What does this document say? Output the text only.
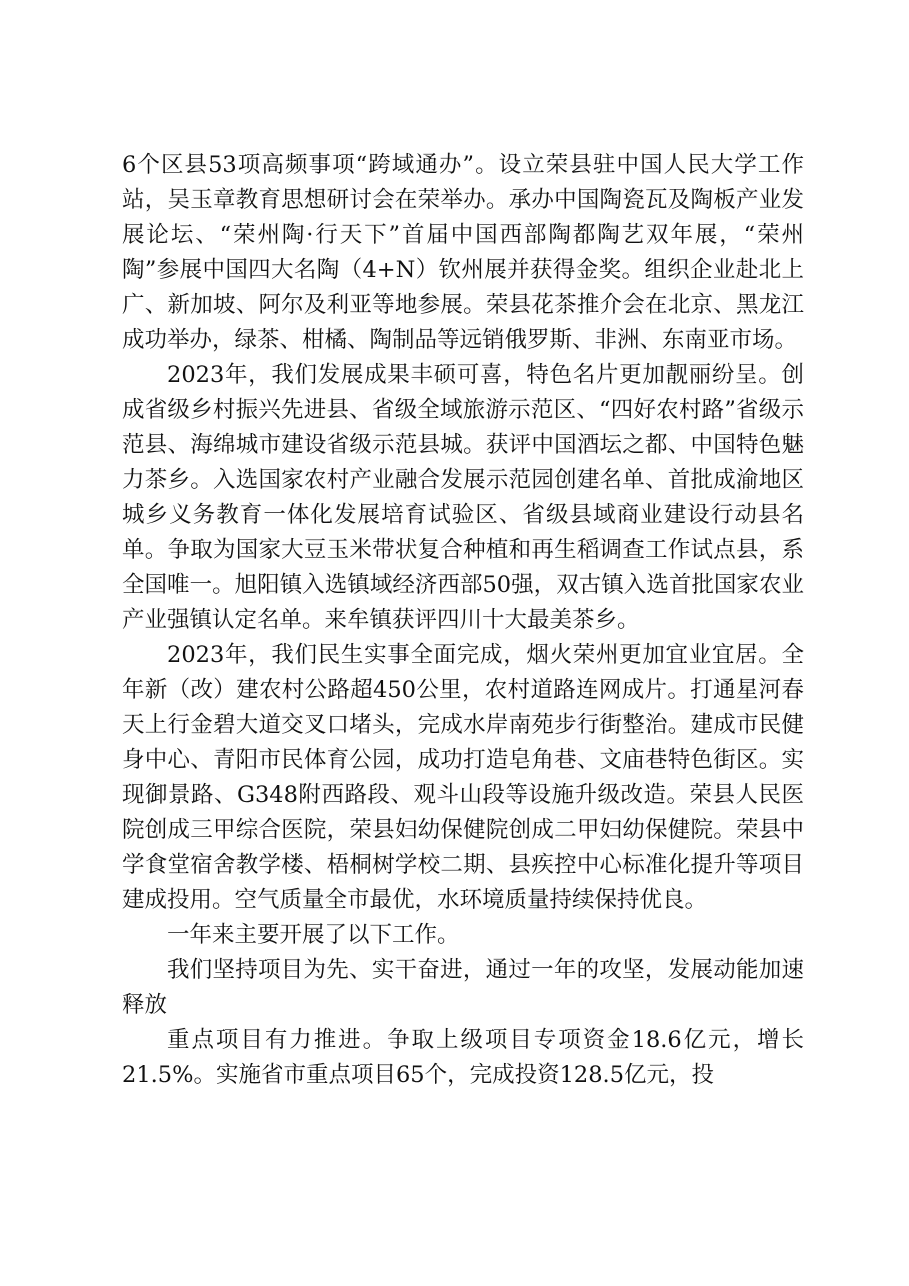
6个区县53项高频事项“跨域通办”。设立荣县驻中国人民大学工作站，吴玉章教育思想研讨会在荣举办。承办中国陶瓷瓦及陶板产业发展论坛、“荣州陶·行天下”首届中国西部陶都陶艺双年展，“荣州陶”参展中国四大名陶（4+N）钦州展并获得金奖。组织企业赴北上广、新加坡、阿尔及利亚等地参展。荣县花茶推介会在北京、黑龙江成功举办，绿茶、柑橘、陶制品等远销俄罗斯、非洲、东南亚市场。

2023年，我们发展成果丰硕可喜，特色名片更加靓丽纷呈。创成省级乡村振兴先进县、省级全域旅游示范区、“四好农村路”省级示范县、海绵城市建设省级示范县城。获评中国酒坛之都、中国特色魅力茶乡。入选国家农村产业融合发展示范园创建名单、首批成渝地区城乡义务教育一体化发展培育试验区、省级县域商业建设行动县名单。争取为国家大豆玉米带状复合种植和再生稻调查工作试点县，系全国唯一。旭阳镇入选镇域经济西部50强，双古镇入选首批国家农业产业强镇认定名单。来牟镇获评四川十大最美茶乡。

2023年，我们民生实事全面完成，烟火荣州更加宜业宜居。全年新（改）建农村公路超450公里，农村道路连网成片。打通星河春天上行金碧大道交叉口堵头，完成水岸南苑步行街整治。建成市民健身中心、青阳市民体育公园，成功打造皂角巷、文庙巷特色街区。实现御景路、G348附西路段、观斗山段等设施升级改造。荣县人民医院创成三甲综合医院，荣县妇幼保健院创成二甲妇幼保健院。荣县中学食堂宿舍教学楼、梧桐树学校二期、县疾控中心标准化提升等项目建成投用。空气质量全市最优，水环境质量持续保持优良。

一年来主要开展了以下工作。

我们坚持项目为先、实干奋进，通过一年的攻坚，发展动能加速释放

重点项目有力推进。争取上级项目专项资金18.6亿元，增长21.5%。实施省市重点项目65个，完成投资128.5亿元，投
